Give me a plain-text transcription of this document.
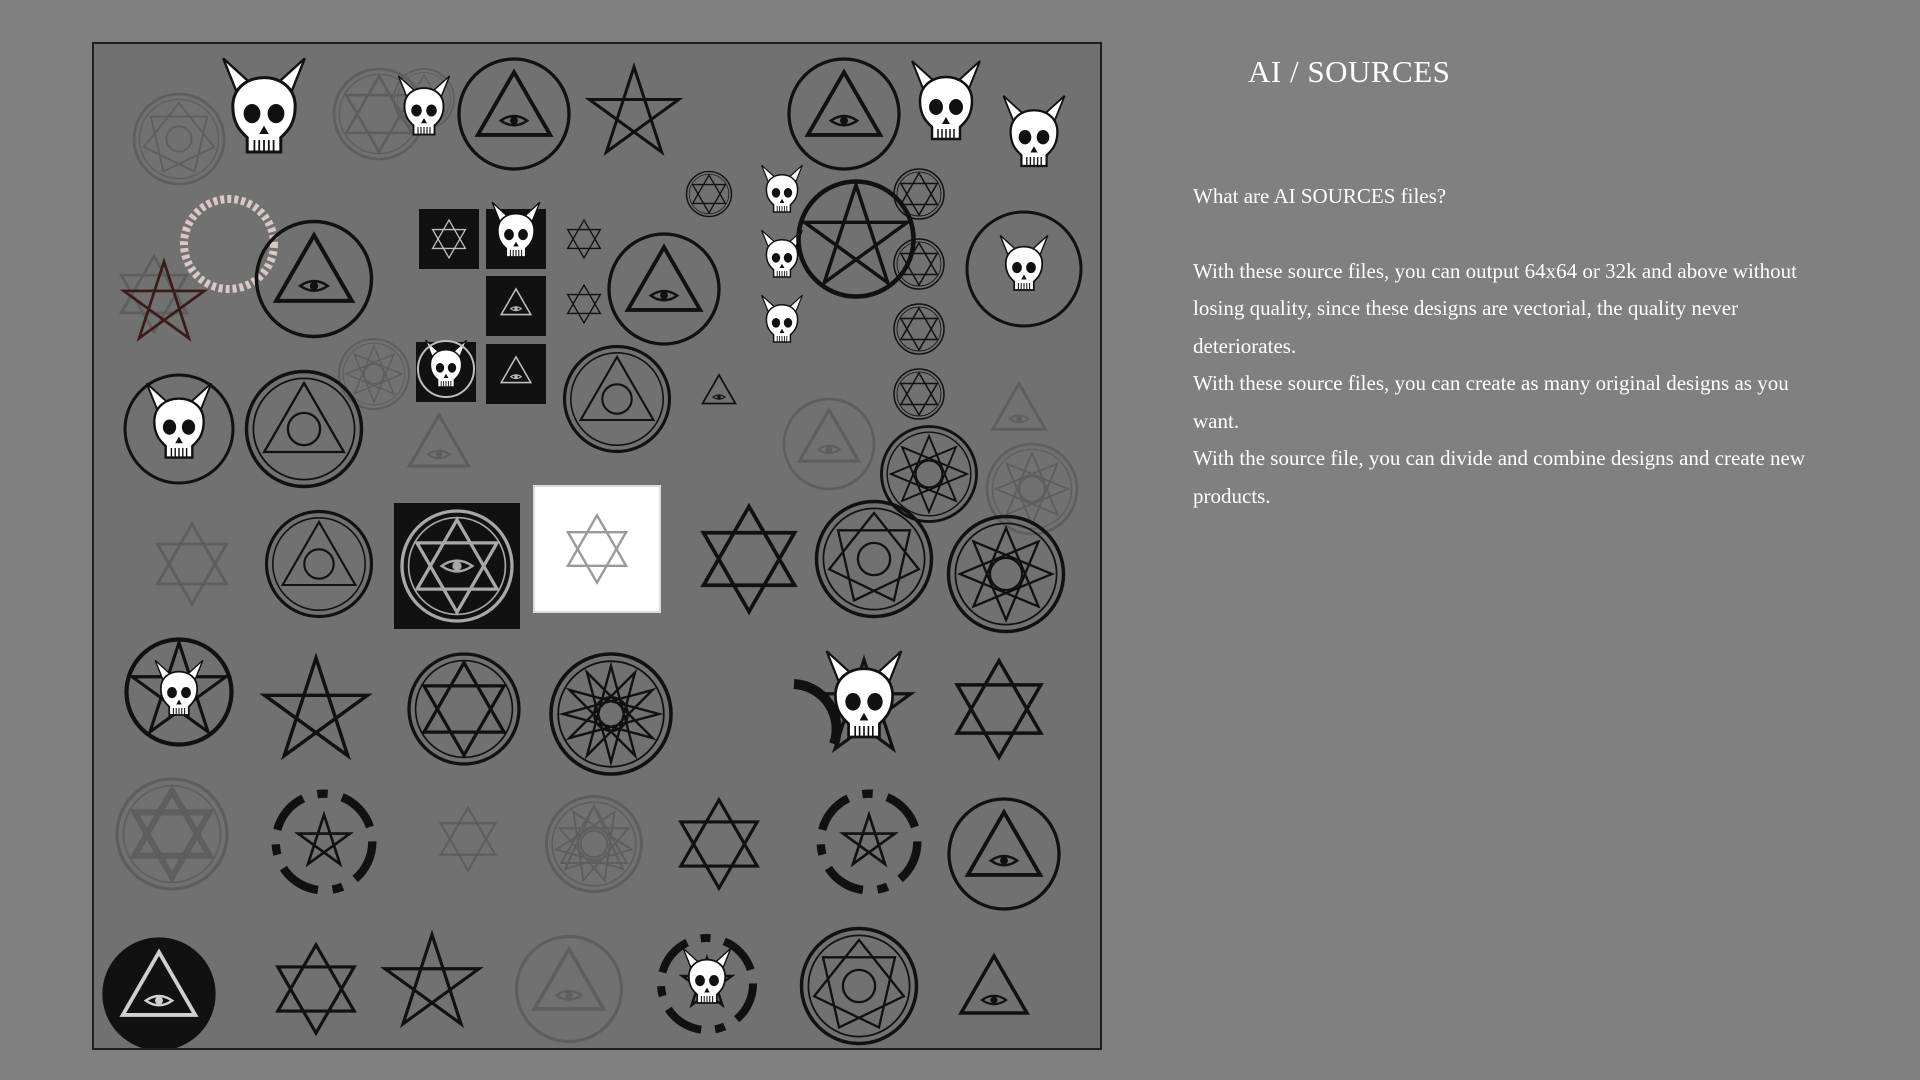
AI / SOURCES

What are AI SOURCES files?

With these source files, you can output 64x64 or 32k and above without losing quality, since these designs are vectorial, the quality never deteriorates.

With these source files, you can create as many original designs as you want.

With the source file, you can divide and combine designs and create new products.
